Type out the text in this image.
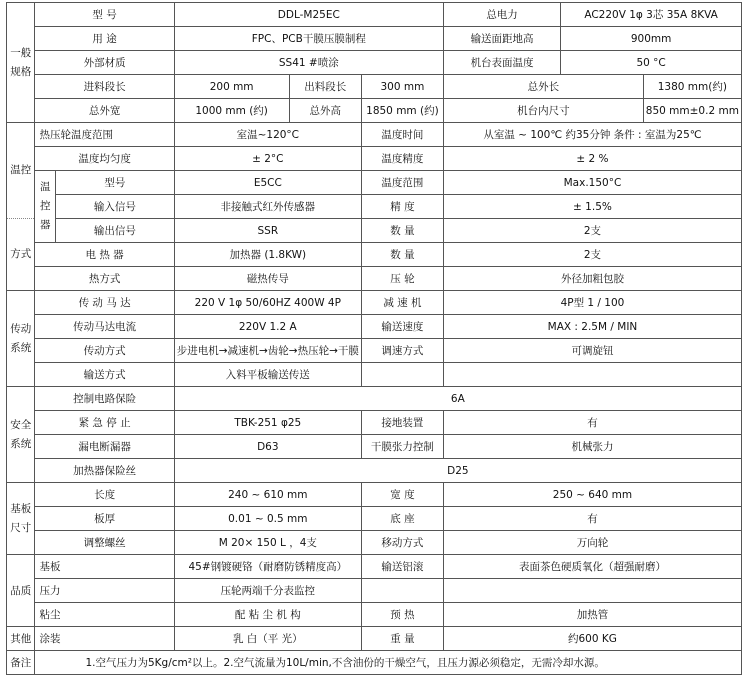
一般规格	型 号		DDL-M25EC			总电力	AC220V 1φ 3芯 35A 8KVA	
	用 途		FPC、PCB干膜压膜制程			输送面距地高	900mm	
	外部材质		SS41 #喷涂			机台表面温度	50 °C	
	进料段长		200 mm	出料段长	300 mm	总外长		1380 mm(约)
	总外宽		1000 mm (约)	总外高	1850 mm (约)	机台内尺寸		850 mm±0.2 mm
温控	热压轮温度范围		室温~120°C		温度时间	从室温 ~ 100℃ 约35分钟 条件 : 室温为25℃		
	温度均匀度		± 2°C		温度精度	± 2 %		
	温控器	型号	E5CC		温度范围	Max.150°C		
		输入信号	非接触式红外传感器		精 度	± 1.5%		
方式		输出信号	SSR		数 量	2支		
	电 热 器		加热器 (1.8KW)		数 量	2支		
	热方式		磁热传导		压 轮	外径加粗包胶		
传动系统	传 动 马 达		220 V 1φ 50/60HZ 400W 4P		减 速 机	4P型 1 / 100		
	传动马达电流		220V 1.2 A		输送速度	MAX : 2.5M / MIN		
	传动方式		步进电机→减速机→齿轮→热压轮→干膜		调速方式	可调旋钮		
	输送方式		入料平板输送传送					
安全系统	控制电路保险		6A					
	紧 急 停 止		TBK-251 φ25		接地装置	有		
	漏电断漏器		D63		干膜张力控制	机械张力		
	加热器保险丝		D25					
基板尺寸	长度		240 ~ 610 mm		宽 度	250 ~ 640 mm		
	板厚		0.01 ~ 0.5 mm		底 座	有		
	调整螺丝		M 20× 150 L ，4支		移动方式	万向轮		
品质	基板		45#钢镀硬铬（耐磨防锈精度高）		输送铝滚	表面茶色硬质氧化（超强耐磨）		
	压力		压轮两端千分表监控					
	粘尘		配 粘 尘 机 构		预 热	加热管		
其他	涂装		乳 白（平 光）		重 量	约600 KG		
备注	1.空气压力为5Kg/cm²以上。2.空气流量为10L/min,不含油份的干燥空气，且压力源必须稳定，无需冷却水源。							
